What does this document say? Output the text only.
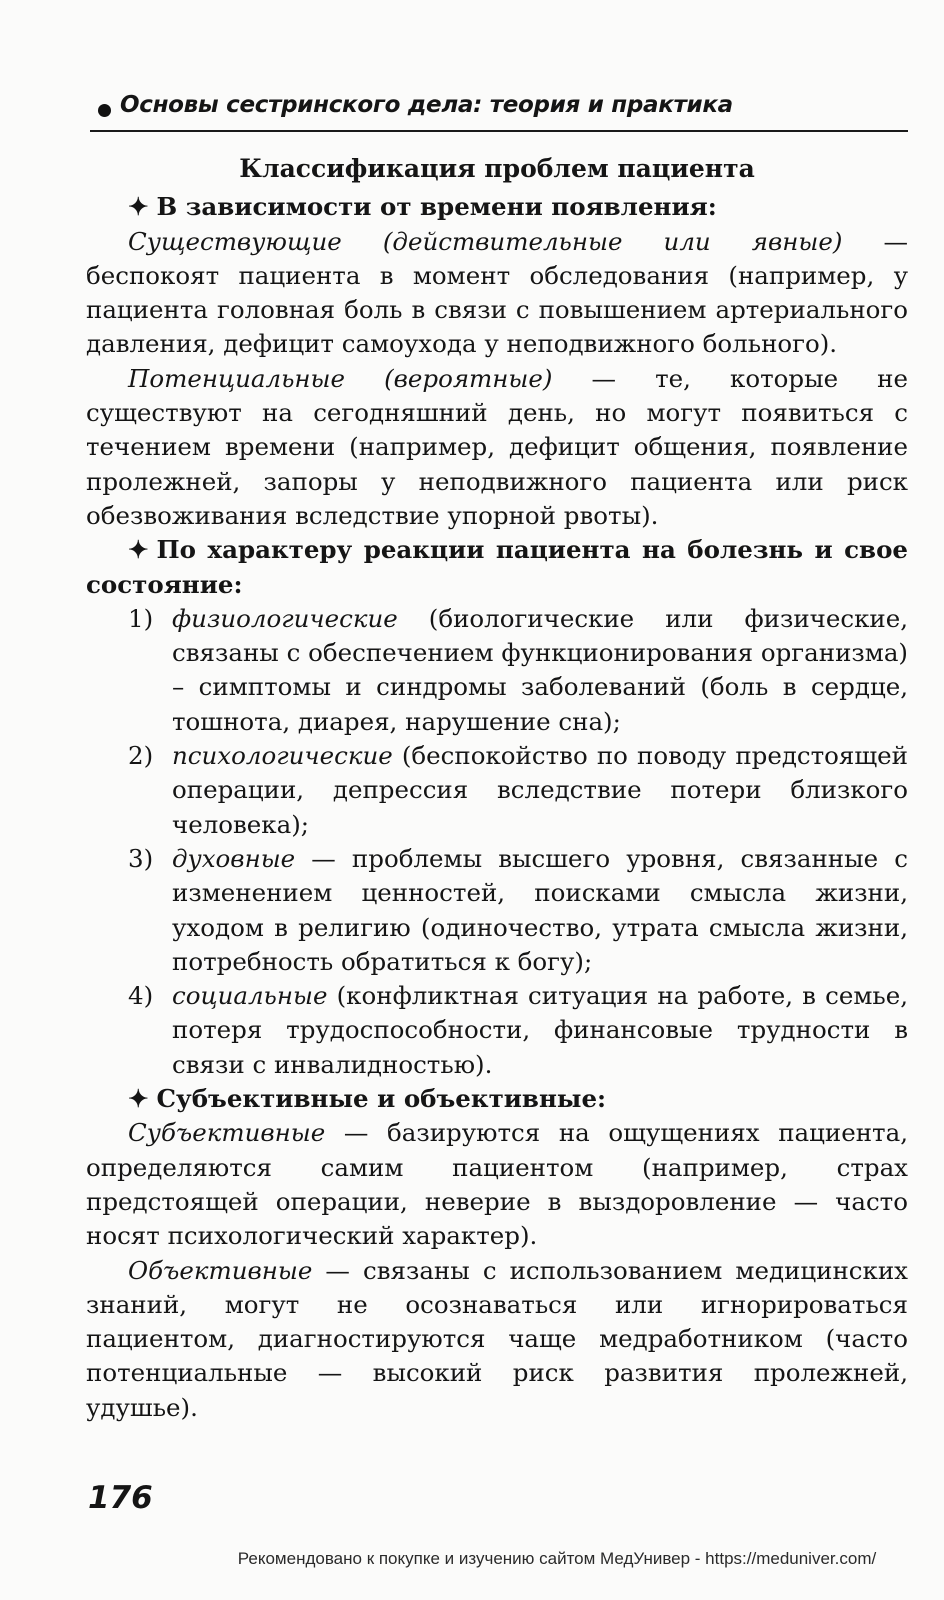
Основы сестринского дела: теория и практика

Классификация проблем пациента

✦ В зависимости от времени появления:

Существующие (действительные или явные) — беспокоят пациента в момент обследования (например, у пациента головная боль в связи с повышением артериального давления, дефицит самоухода у неподвижного больного).

Потенциальные (вероятные) — те, которые не существуют на сегодняшний день, но могут появиться с течением времени (например, дефицит общения, появление пролежней, запоры у неподвижного пациента или риск обезвоживания вследствие упорной рвоты).

✦ По характеру реакции пациента на болезнь и свое состояние:

1) физиологические (биологические или физические, связаны с обеспечением функционирования организма) – симптомы и синдромы заболеваний (боль в сердце, тошнота, диарея, нарушение сна);
2) психологические (беспокойство по поводу предстоящей операции, депрессия вследствие потери близкого человека);
3) духовные — проблемы высшего уровня, связанные с изменением ценностей, поисками смысла жизни, уходом в религию (одиночество, утрата смысла жизни, потребность обратиться к богу);
4) социальные (конфликтная ситуация на работе, в семье, потеря трудоспособности, финансовые трудности в связи с инвалидностью).

✦ Субъективные и объективные:

Субъективные — базируются на ощущениях пациента, определяются самим пациентом (например, страх предстоящей операции, неверие в выздоровление — часто носят психологический характер).

Объективные — связаны с использованием медицинских знаний, могут не осознаваться или игнорироваться пациентом, диагностируются чаще медработником (часто потенциальные — высокий риск развития пролежней, удушье).

176
Рекомендовано к покупке и изучению сайтом МедУнивер - https://meduniver.com/
